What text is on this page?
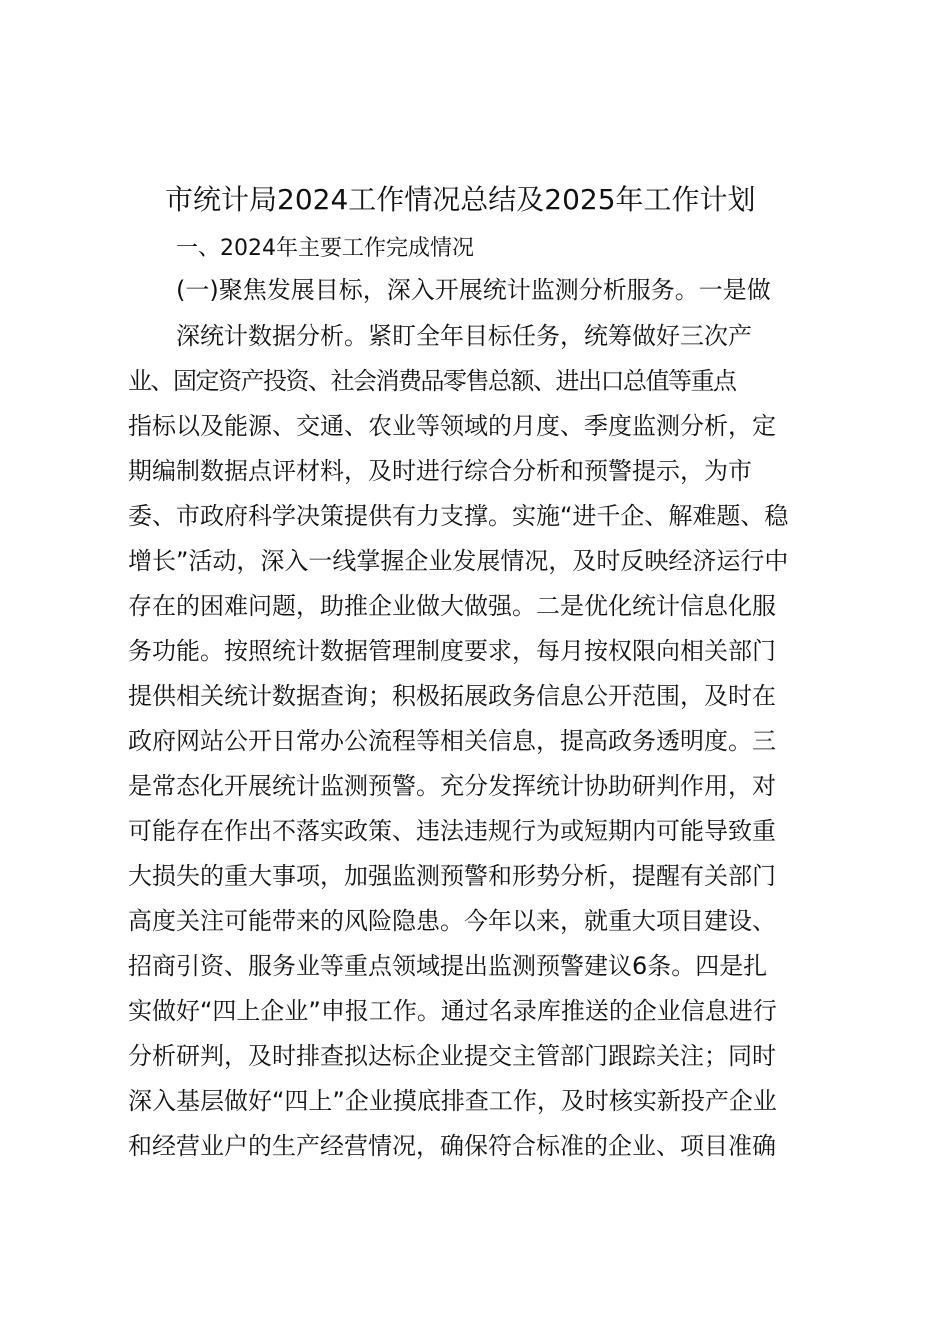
市统计局2024工作情况总结及2025年工作计划
一、2024年主要工作完成情况
(一)聚焦发展目标，深入开展统计监测分析服务。一是做
深统计数据分析。紧盯全年目标任务，统筹做好三次产
业、固定资产投资、社会消费品零售总额、进出口总值等重点
指标以及能源、交通、农业等领域的月度、季度监测分析，定
期编制数据点评材料，及时进行综合分析和预警提示，为市
委、市政府科学决策提供有力支撑。实施“进千企、解难题、稳
增长”活动，深入一线掌握企业发展情况，及时反映经济运行中
存在的困难问题，助推企业做大做强。二是优化统计信息化服
务功能。按照统计数据管理制度要求，每月按权限向相关部门
提供相关统计数据查询；积极拓展政务信息公开范围，及时在
政府网站公开日常办公流程等相关信息，提高政务透明度。三
是常态化开展统计监测预警。充分发挥统计协助研判作用，对
可能存在作出不落实政策、违法违规行为或短期内可能导致重
大损失的重大事项，加强监测预警和形势分析，提醒有关部门
高度关注可能带来的风险隐患。今年以来，就重大项目建设、
招商引资、服务业等重点领域提出监测预警建议6条。四是扎
实做好“四上企业”申报工作。通过名录库推送的企业信息进行
分析研判，及时排查拟达标企业提交主管部门跟踪关注；同时
深入基层做好“四上”企业摸底排查工作，及时核实新投产企业
和经营业户的生产经营情况，确保符合标准的企业、项目准确
